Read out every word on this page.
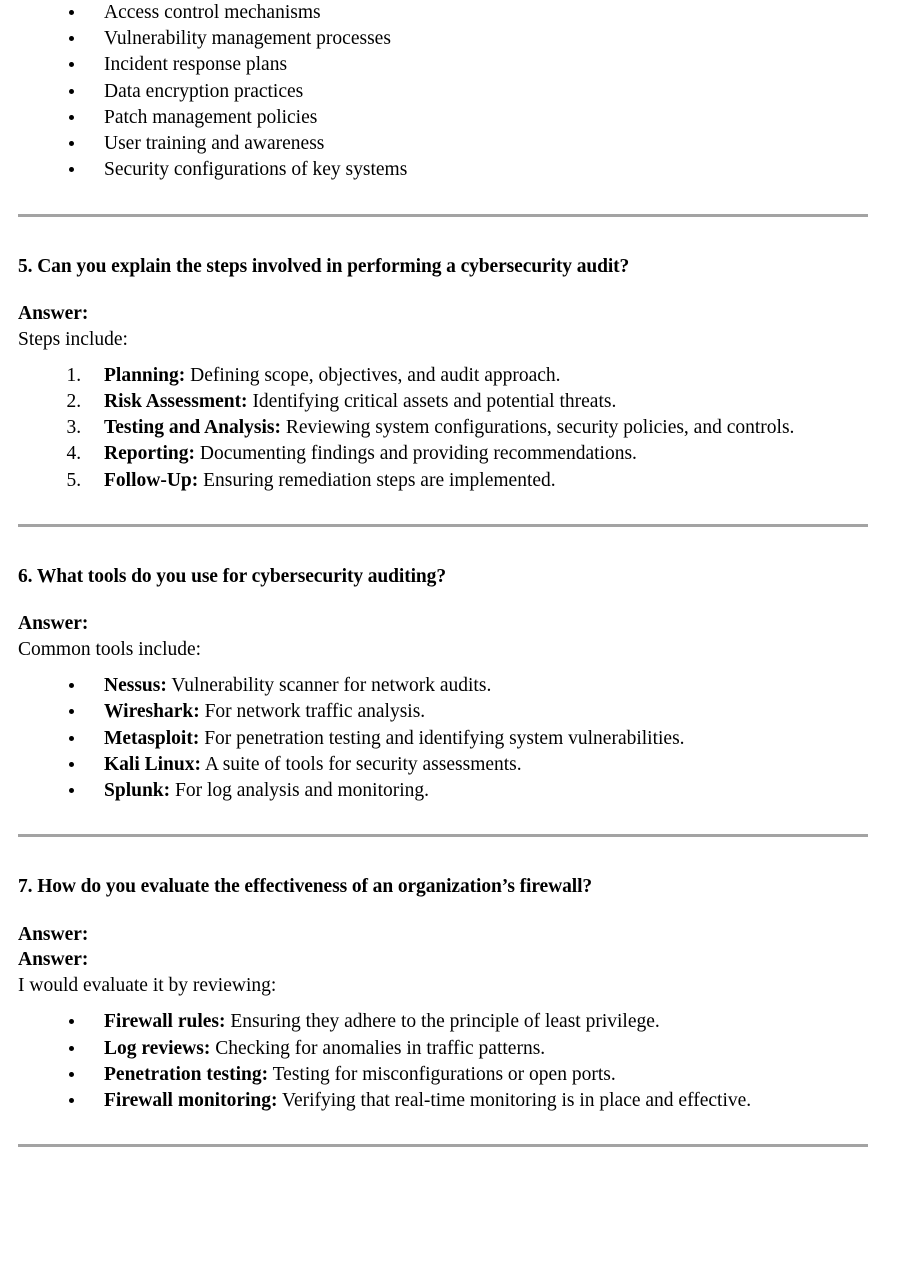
• Access control mechanisms
• Vulnerability management processes
• Incident response plans
• Data encryption practices
• Patch management policies
• User training and awareness
• Security configurations of key systems
5. Can you explain the steps involved in performing a cybersecurity audit?

Answer:

Steps include:

1. Planning: Defining scope, objectives, and audit approach.
2. Risk Assessment: Identifying critical assets and potential threats.
3. Testing and Analysis: Reviewing system configurations, security policies, and controls.
4. Reporting: Documenting findings and providing recommendations.
5. Follow-Up: Ensuring remediation steps are implemented.
6. What tools do you use for cybersecurity auditing?

Answer:

Common tools include:

• Nessus: Vulnerability scanner for network audits.
• Wireshark: For network traffic analysis.
• Metasploit: For penetration testing and identifying system vulnerabilities.
• Kali Linux: A suite of tools for security assessments.
• Splunk: For log analysis and monitoring.
7. How do you evaluate the effectiveness of an organization’s firewall?

Answer:

Answer:

I would evaluate it by reviewing:

• Firewall rules: Ensuring they adhere to the principle of least privilege.
• Log reviews: Checking for anomalies in traffic patterns.
• Penetration testing: Testing for misconfigurations or open ports.
• Firewall monitoring: Verifying that real-time monitoring is in place and effective.
